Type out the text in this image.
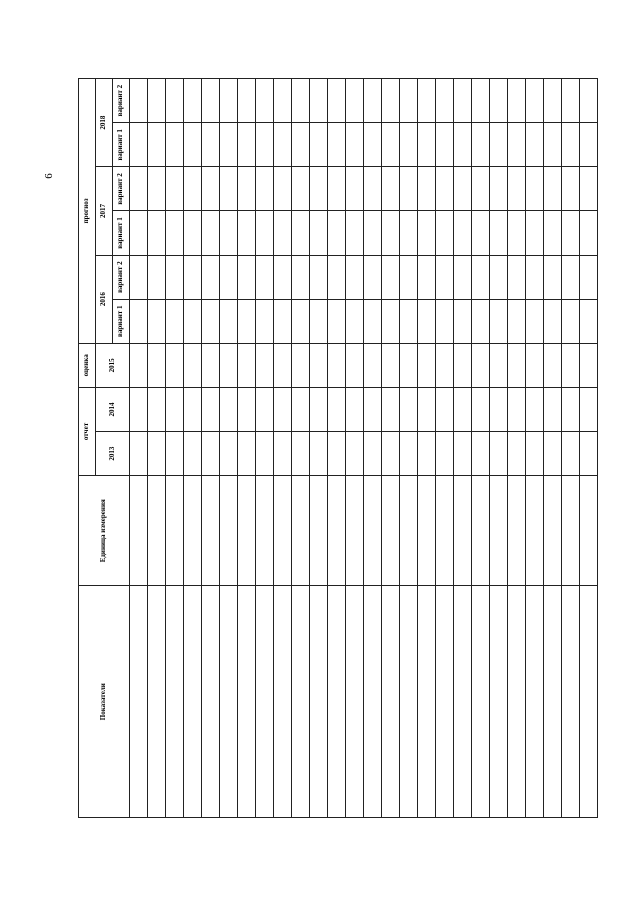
6
Показатели	Единица измерения	отчет		оценка	прогноз					
		2013	2014	2015	2016		2017		2018	
					вариант 1	вариант 2	вариант 1	вариант 2	вариант 1	вариант 2
